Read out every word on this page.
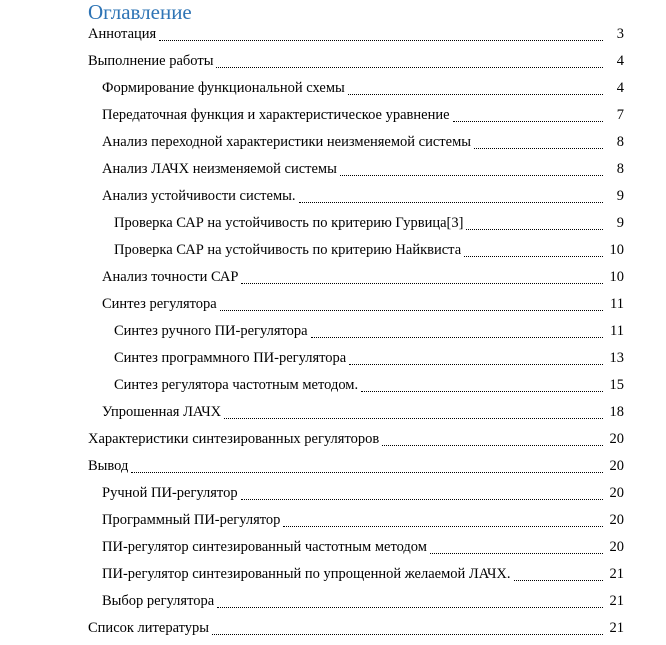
Оглавление
Аннотация	3
Выполнение работы	4
Формирование функциональной схемы	4
Передаточная функция и характеристическое уравнение	7
Анализ переходной характеристики неизменяемой системы	8
Анализ ЛАЧХ неизменяемой системы	8
Анализ устойчивости системы.	9
Проверка САР на устойчивость по критерию Гурвица[3]	9
Проверка САР на устойчивость по критерию Найквиста	10
Анализ точности САР	10
Синтез регулятора	11
Синтез ручного ПИ-регулятора	11
Синтез программного ПИ-регулятора	13
Синтез регулятора частотным методом.	15
Упрошенная ЛАЧХ	18
Характеристики синтезированных регуляторов	20
Вывод	20
Ручной ПИ-регулятор	20
Программный ПИ-регулятор	20
ПИ-регулятор синтезированный частотным методом	20
ПИ-регулятор синтезированный по упрощенной желаемой ЛАЧХ.	21
Выбор регулятора	21
Список литературы	21
